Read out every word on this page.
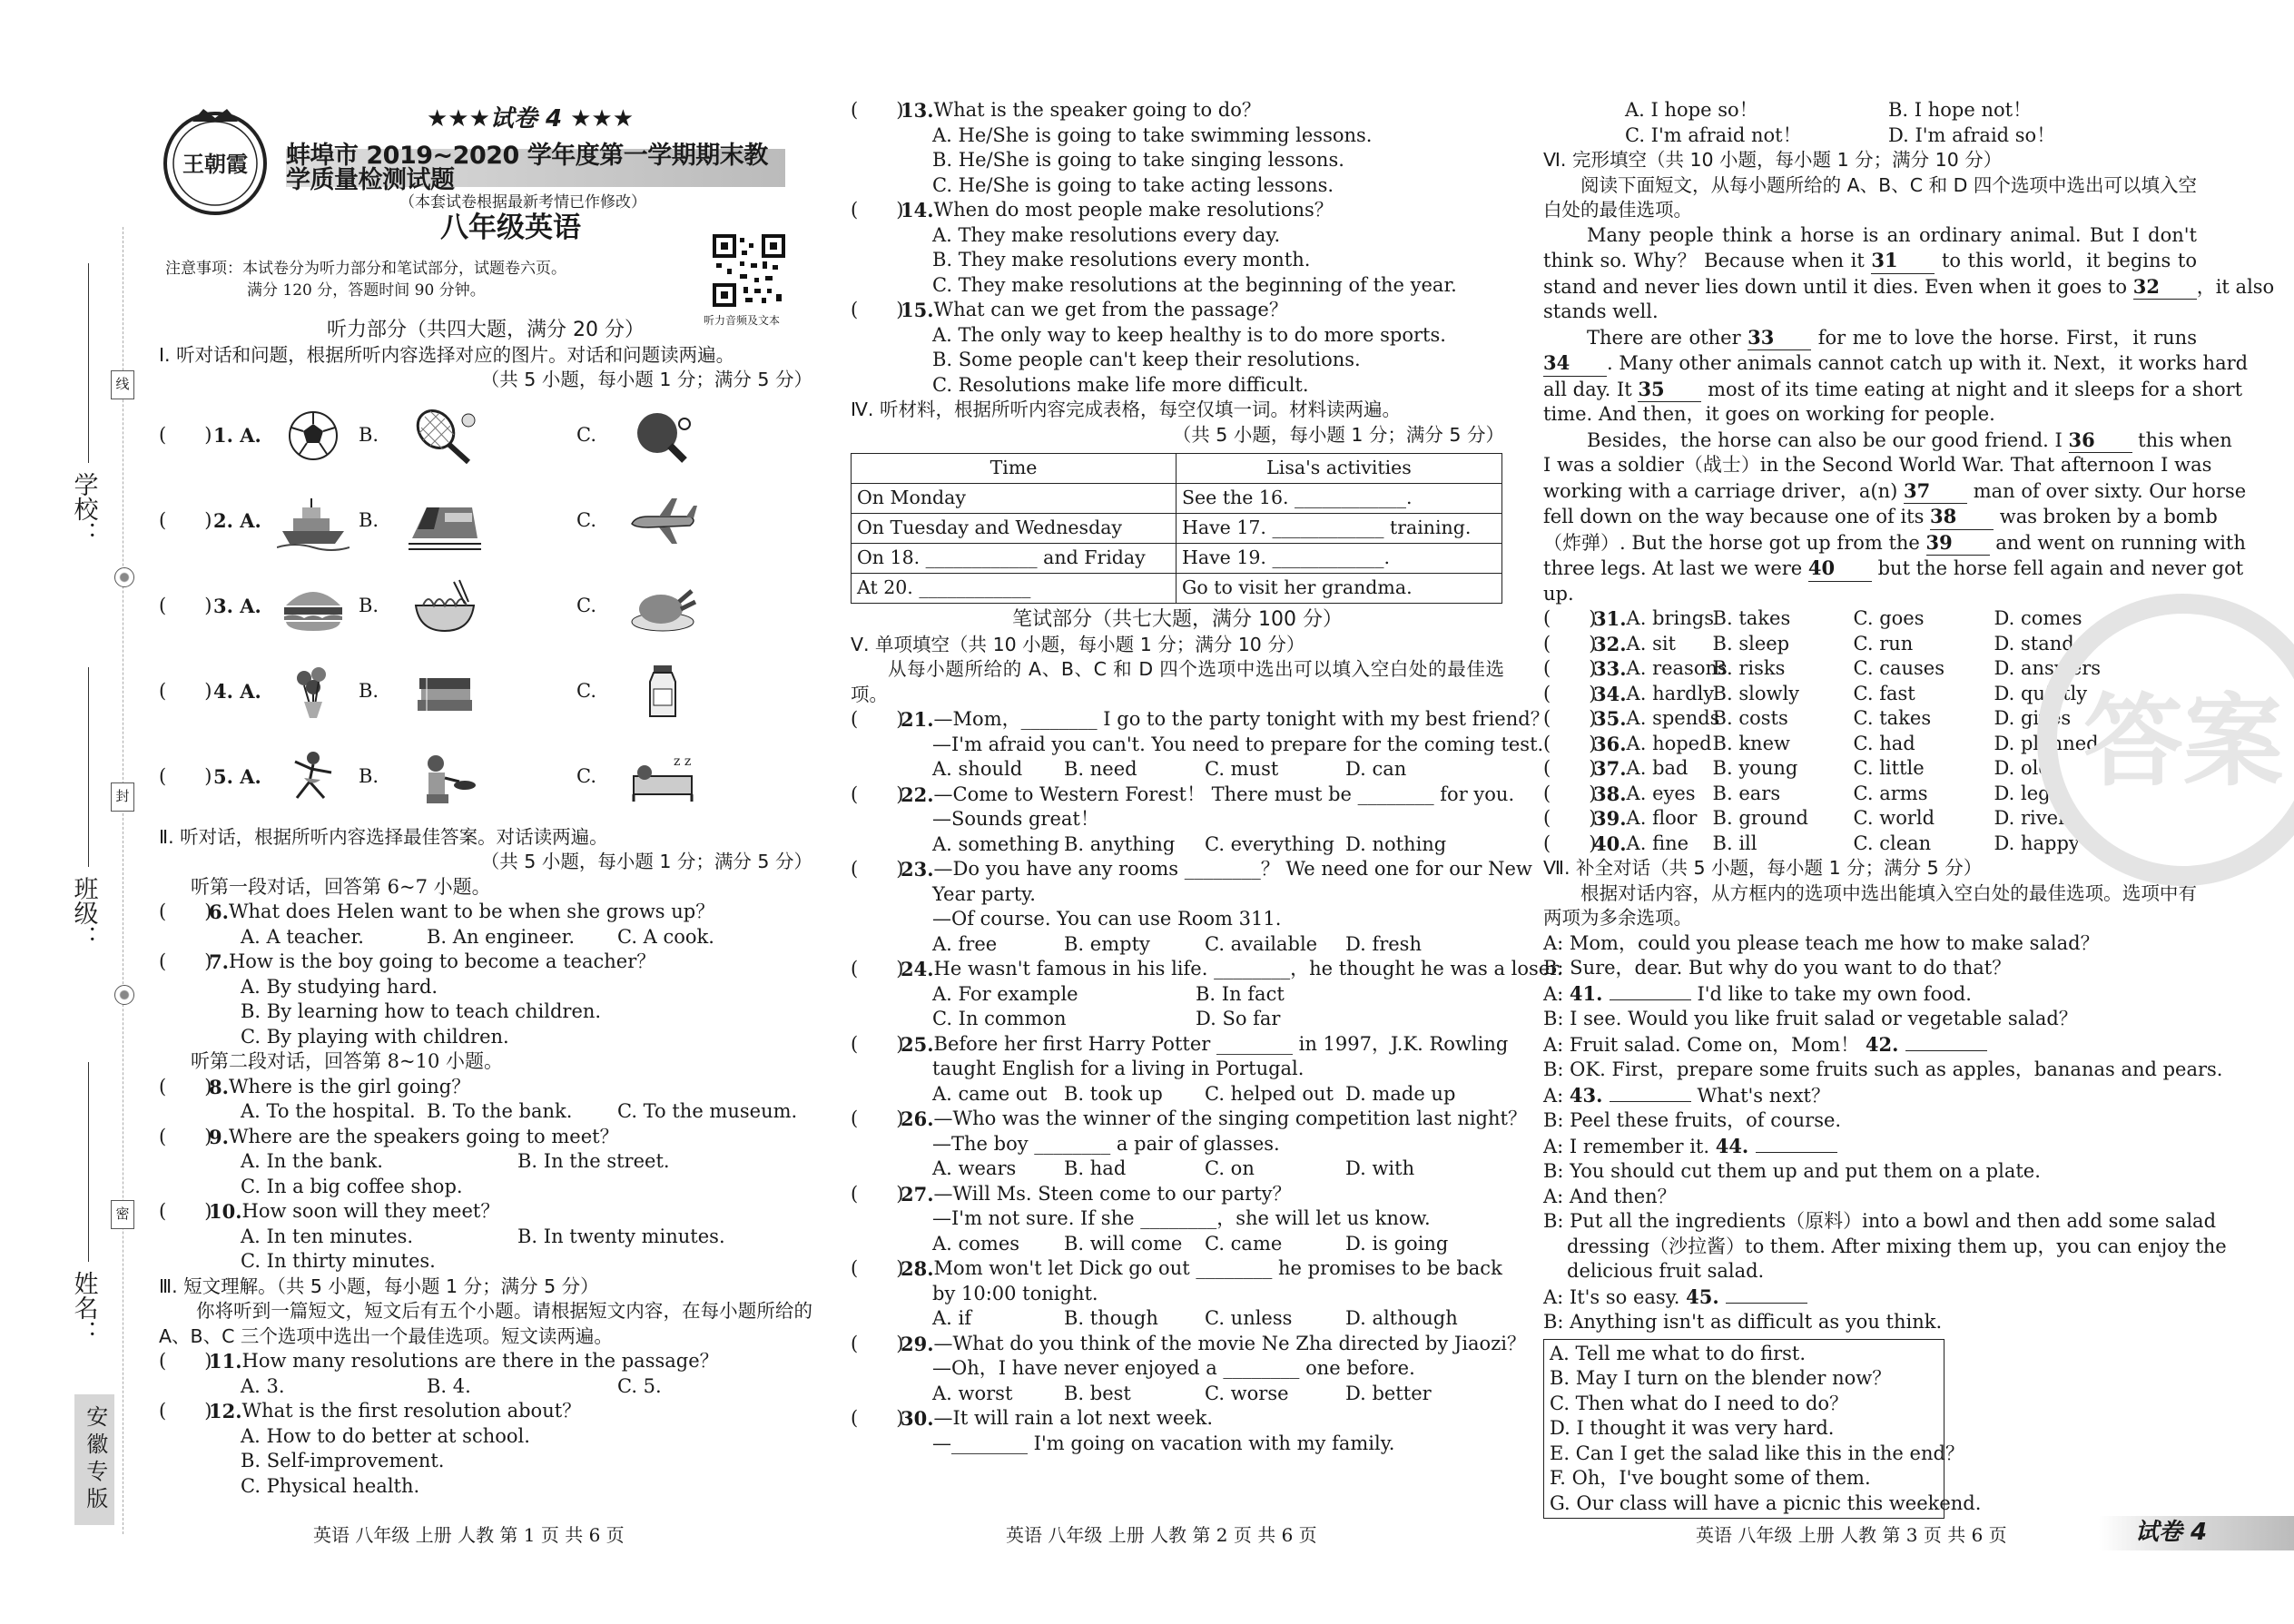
学校：
班级：
姓名：
线
封
密
安徽专版
王朝霞
★★★试卷 4 ★★★
蚌埠市 2019~2020 学年度第一学期期末教学质量检测试题
（本套试卷根据最新考情已作修改）
八年级英语
注意事项：本试卷分为听力部分和笔试部分，试题卷六页。
满分 120 分，答题时间 90 分钟。
听力音频及文本
听力部分（共四大题，满分 20 分）
Ⅰ. 听对话和问题，根据所听内容选择对应的图片。对话和问题读两遍。
（共 5 小题，每小题 1 分；满分 5 分）
(　　) 1. A.	B.	C.
(　　) 2. A.	B.	C.
(　　) 3. A.	B.	C.
(　　) 4. A.	B.	C.
(　　) 5. A.	B.	C.
z z
Ⅱ. 听对话，根据所听内容选择最佳答案。对话读两遍。
（共 5 小题，每小题 1 分；满分 5 分）
听第一段对话，回答第 6~7 小题。
(　　)
6. What does Helen want to be when she grows up？
A. A teacher.	B. An engineer.	C. A cook.
(　　)
7. How is the boy going to become a teacher？
A. By studying hard.
B. By learning how to teach children.
C. By playing with children.
听第二段对话，回答第 8~10 小题。
(　　)
8. Where is the girl going？
A. To the hospital. B. To the bank.	C. To the museum.
(　　)
9. Where are the speakers going to meet？
A. In the bank.	B. In the street.
C. In a big coffee shop.
(　　)
10. How soon will they meet？
A. In ten minutes.	B. In twenty minutes.
C. In thirty minutes.
Ⅲ. 短文理解。（共 5 小题，每小题 1 分；满分 5 分）
你将听到一篇短文，短文后有五个小题。请根据短文内容，在每小题所给的 A、B、C 三个选项中选出一个最佳选项。短文读两遍。
(　　)
11. How many resolutions are there in the passage？
A. 3.	B. 4.	C. 5.
(　　)
12. What is the first resolution about？
A. How to do better at school.
B. Self-improvement.
C. Physical health.
(　　)
13. What is the speaker going to do？
A. He/She is going to take swimming lessons.
B. He/She is going to take singing lessons.
C. He/She is going to take acting lessons.
(　　)
14. When do most people make resolutions？
A. They make resolutions every day.
B. They make resolutions every month.
C. They make resolutions at the beginning of the year.
(　　)
15. What can we get from the passage？
A. The only way to keep healthy is to do more sports.
B. Some people can't keep their resolutions.
C. Resolutions make life more difficult.
Ⅳ. 听材料，根据所听内容完成表格，每空仅填一词。材料读两遍。
（共 5 小题，每小题 1 分；满分 5 分）
Time	Lisa's activities
On Monday	See the 16. ____________.
On Tuesday and Wednesday	Have 17. ____________ training.
On 18. ____________ and Friday	Have 19. ____________.
At 20. ____________	Go to visit her grandma.
笔试部分（共七大题，满分 100 分）
Ⅴ. 单项填空（共 10 小题，每小题 1 分；满分 10 分）
从每小题所给的 A、B、C 和 D 四个选项中选出可以填入空白处的最佳选项。
(　　)
21. —Mom，________ I go to the party tonight with my best friend？
—I'm afraid you can't. You need to prepare for the coming test.
A. should	B. need	C. must	D. can
(　　)
22. —Come to Western Forest！ There must be ________ for you.
—Sounds great！
A. something B. anything	C. everything D. nothing
(　　)
23. —Do you have any rooms ________？ We need one for our New
Year party.
—Of course. You can use Room 311.
A. free	B. empty	C. available	D. fresh
(　　)
24. He wasn't famous in his life. ________，he thought he was a loser.
A. For example	B. In fact
C. In common	D. So far
(　　)
25. Before her first Harry Potter ________ in 1997，J.K. Rowling
taught English for a living in Portugal.
A. came out B. took up	C. helped out D. made up
(　　)
26. —Who was the winner of the singing competition last night？
—The boy ________ a pair of glasses.
A. wears	B. had	C. on	D. with
(　　)
27. —Will Ms. Steen come to our party？
—I'm not sure. If she ________，she will let us know.
A. comes	B. will come	C. came	D. is going
(　　)
28. Mom won't let Dick go out ________ he promises to be back
by 10:00 tonight.
A. if	B. though	C. unless	D. although
(　　)
29. —What do you think of the movie Ne Zha directed by Jiaozi？
—Oh，I have never enjoyed a ________ one before.
A. worst	B. best	C. worse	D. better
(　　)
30. —It will rain a lot next week.
—________ I'm going on vacation with my family.
A. I hope so！	B. I hope not！
C. I'm afraid not！	D. I'm afraid so！
Ⅵ. 完形填空（共 10 小题，每小题 1 分；满分 10 分）
阅读下面短文，从每小题所给的 A、B、C 和 D 四个选项中选出可以填入空白处的最佳选项。
Many people think a horse is an ordinary animal. But I don't
think so. Why？ Because when it 31 to this world，it begins to
stand and never lies down until it dies. Even when it goes to 32 ，it also
stands well.
There are other 33 for me to love the horse. First，it runs
34 . Many other animals cannot catch up with it. Next，it works hard
all day. It 35 most of its time eating at night and it sleeps for a short
time. And then，it goes on working for people.
Besides，the horse can also be our good friend. I 36 this when
I was a soldier（战士）in the Second World War. That afternoon I was
working with a carriage driver，a(n) 37 man of over sixty. Our horse
fell down on the way because one of its 38 was broken by a bomb
（炸弹）. But the horse got up from the 39 and went on running with
three legs. At last we were 40 but the horse fell again and never got
up.
(　　)
31. A. brings
B. takes	C. goes	D. comes
(　　)
32. A. sit	B. sleep	C. run	D. stand
(　　)
33. A. reasons
B. risks	C. causes	D. answers
(　　)
34. A. hardly
B. slowly	C. fast	D. quietly
(　　)
35. A. spends
B. costs	C. takes	D. gives
(　　)
36. A. hoped B. knew	C. had	D. planned
(　　)
37. A. bad	B. young	C. little	D. old
(　　)
38. A. eyes B. ears	C. arms	D. legs
(　　)
39. A. floor B. ground	C. world	D. river
(　　)
40. A. fine	B. ill	C. clean	D. happy
Ⅶ. 补全对话（共 5 小题，每小题 1 分；满分 5 分）
根据对话内容，从方框内的选项中选出能填入空白处的最佳选项。选项中有两项为多余选项。
A: Mom，could you please teach me how to make salad？
B: Sure，dear. But why do you want to do that？
A: 41.	I'd like to take my own food.
B: I see. Would you like fruit salad or vegetable salad？
A: Fruit salad. Come on，Mom！ 42.
B: OK. First，prepare some fruits such as apples，bananas and pears.
A: 43.	What's next？
B: Peel these fruits，of course.
A: I remember it. 44.
B: You should cut them up and put them on a plate.
A: And then？
B: Put all the ingredients（原料）into a bowl and then add some salad
dressing（沙拉酱）to them. After mixing them up，you can enjoy the
delicious fruit salad.
A: It's so easy. 45.
B: Anything isn't as difficult as you think.
A. Tell me what to do first.
B. May I turn on the blender now？
C. Then what do I need to do？
D. I thought it was very hard.
E. Can I get the salad like this in the end？
F. Oh，I've bought some of them.
G. Our class will have a picnic this weekend.
答案
英语 八年级 上册 人教 第 1 页 共 6 页	英语 八年级 上册 人教 第 2 页 共 6 页	英语 八年级 上册 人教 第 3 页 共 6 页	试卷 4
